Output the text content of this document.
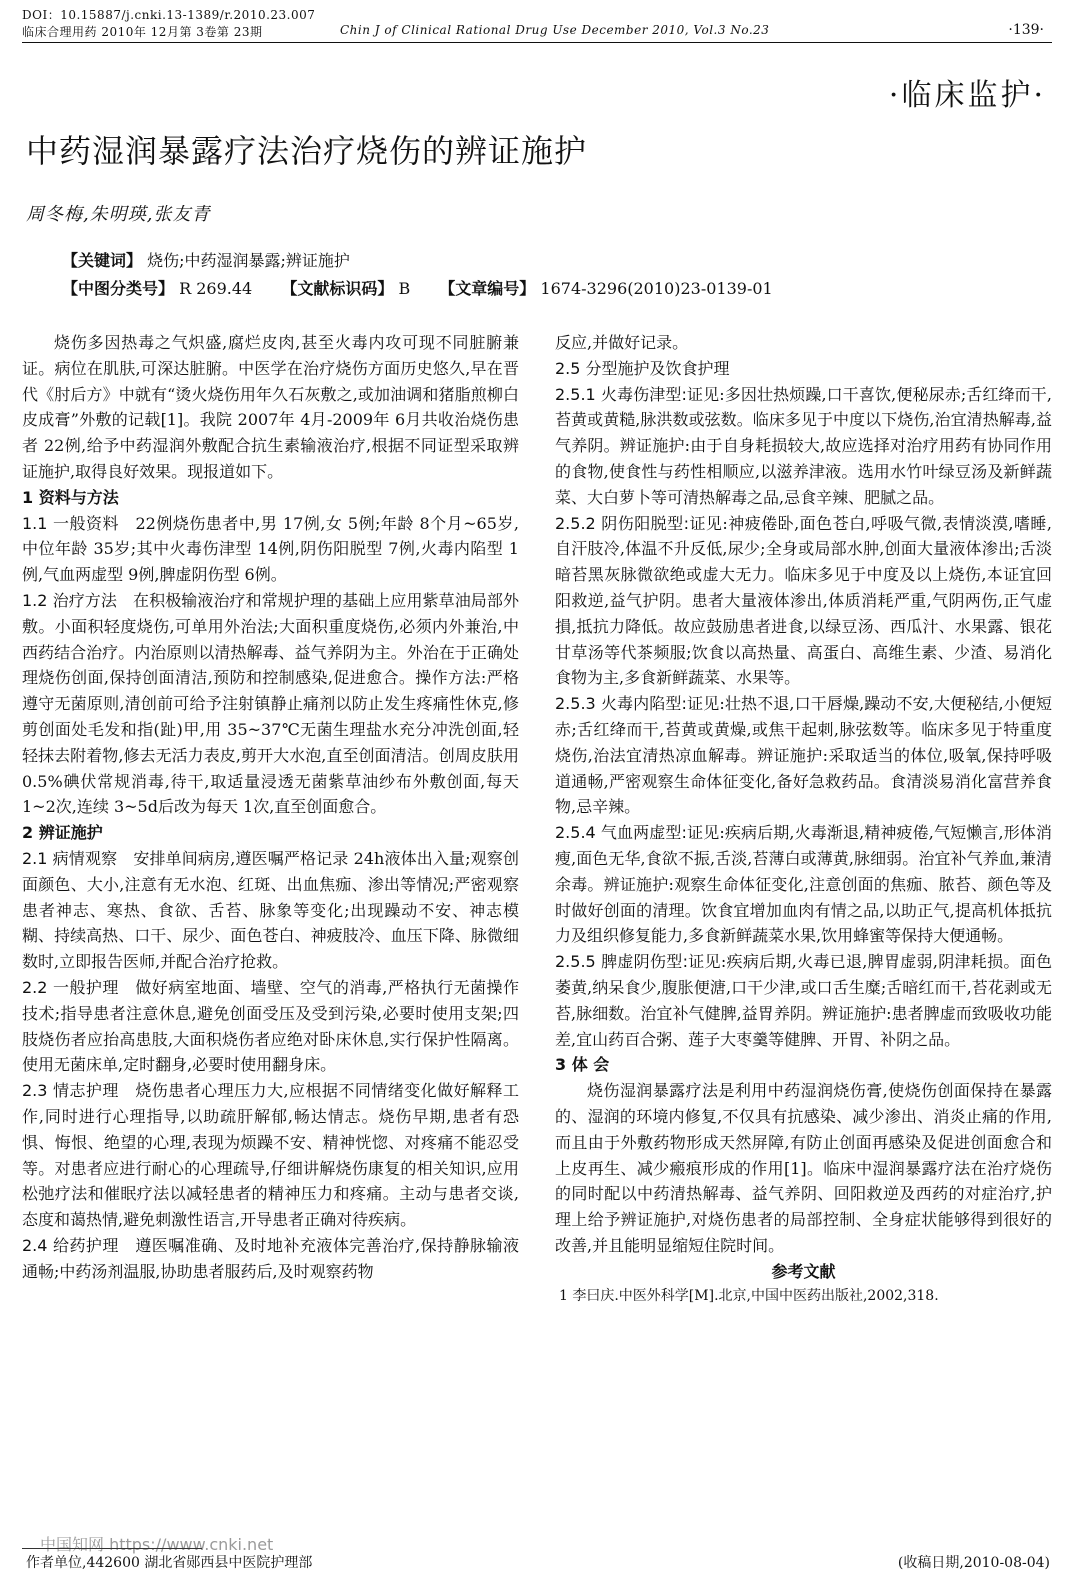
DOI：10.15887/j.cnki.13-1389/r.2010.23.007
临床合理用药 2010年 12月第 3卷第 23期	Chin J of Clinical Rational Drug Use December 2010, Vol.3 No.23	·139·
·临床监护·
中药湿润暴露疗法治疗烧伤的辨证施护
周冬梅,朱明瑛,张友青
【关键词】 烧伤;中药湿润暴露;辨证施护
【中图分类号】 R 269.44 【文献标识码】 B 【文章编号】 1674-3296(2010)23-0139-01

烧伤多因热毒之气炽盛,腐烂皮肉,甚至火毒内攻可现不同脏腑兼证。病位在肌肤,可深达脏腑。中医学在治疗烧伤方面历史悠久,早在晋代《肘后方》中就有“烫火烧伤用年久石灰敷之,或加油调和猪脂煎柳白皮成膏”外敷的记载[1]。我院 2007年 4月-2009年 6月共收治烧伤患者 22例,给予中药湿润外敷配合抗生素输液治疗,根据不同证型采取辨证施护,取得良好效果。现报道如下。

1 资料与方法

1.1 一般资料　 22例烧伤患者中,男 17例,女 5例;年龄 8个月~65岁,中位年龄 35岁;其中火毒伤津型 14例,阴伤阳脱型 7例,火毒内陷型 1例,气血两虚型 9例,脾虚阴伤型 6例。

1.2 治疗方法　 在积极输液治疗和常规护理的基础上应用紫草油局部外敷。小面积轻度烧伤,可单用外治法;大面积重度烧伤,必须内外兼治,中西药结合治疗。内治原则以清热解毒、益气养阴为主。外治在于正确处理烧伤创面,保持创面清洁,预防和控制感染,促进愈合。操作方法:严格遵守无菌原则,清创前可给予注射镇静止痛剂以防止发生疼痛性休克,修剪创面处毛发和指(趾)甲,用 35~37℃无菌生理盐水充分冲洗创面,轻轻抹去附着物,修去无活力表皮,剪开大水泡,直至创面清洁。创周皮肤用 0.5%碘伏常规消毒,待干,取适量浸透无菌紫草油纱布外敷创面,每天 1~2次,连续 3~5d后改为每天 1次,直至创面愈合。

2 辨证施护

2.1 病情观察　 安排单间病房,遵医嘱严格记录 24h液体出入量;观察创面颜色、大小,注意有无水泡、红斑、出血焦痂、渗出等情况;严密观察患者神志、寒热、食欲、舌苔、脉象等变化;出现躁动不安、神志模糊、持续高热、口干、尿少、面色苍白、神疲肢冷、血压下降、脉微细数时,立即报告医师,并配合治疗抢救。

2.2 一般护理　 做好病室地面、墙壁、空气的消毒,严格执行无菌操作技术;指导患者注意休息,避免创面受压及受到污染,必要时使用支架;四肢烧伤者应抬高患肢,大面积烧伤者应绝对卧床休息,实行保护性隔离。使用无菌床单,定时翻身,必要时使用翻身床。

2.3 情志护理　 烧伤患者心理压力大,应根据不同情绪变化做好解释工作,同时进行心理指导,以助疏肝解郁,畅达情志。烧伤早期,患者有恐惧、悔恨、绝望的心理,表现为烦躁不安、精神恍惚、对疼痛不能忍受等。对患者应进行耐心的心理疏导,仔细讲解烧伤康复的相关知识,应用松弛疗法和催眠疗法以减轻患者的精神压力和疼痛。主动与患者交谈,态度和蔼热情,避免刺激性语言,开导患者正确对待疾病。

2.4 给药护理　 遵医嘱准确、及时地补充液体完善治疗,保持静脉输液通畅;中药汤剂温服,协助患者服药后,及时观察药物

反应,并做好记录。

2.5 分型施护及饮食护理

2.5.1 火毒伤津型:证见:多因壮热烦躁,口干喜饮,便秘尿赤;舌红绛而干,苔黄或黄糙,脉洪数或弦数。临床多见于中度以下烧伤,治宜清热解毒,益气养阴。辨证施护:由于自身耗损较大,故应选择对治疗用药有协同作用的食物,使食性与药性相顺应,以滋养津液。选用水竹叶绿豆汤及新鲜蔬菜、大白萝卜等可清热解毒之品,忌食辛辣、肥腻之品。

2.5.2 阴伤阳脱型:证见:神疲倦卧,面色苍白,呼吸气微,表情淡漠,嗜睡,自汗肢冷,体温不升反低,尿少;全身或局部水肿,创面大量液体渗出;舌淡暗苔黑灰脉微欲绝或虚大无力。临床多见于中度及以上烧伤,本证宜回阳救逆,益气护阴。患者大量液体渗出,体质消耗严重,气阴两伤,正气虚損,抵抗力降低。故应鼓励患者进食,以绿豆汤、西瓜汁、水果露、银花甘草汤等代茶频服;饮食以高热量、高蛋白、高维生素、少渣、易消化食物为主,多食新鲜蔬菜、水果等。

2.5.3 火毒内陷型:证见:壮热不退,口干唇燥,躁动不安,大便秘结,小便短赤;舌红绛而干,苔黄或黄燥,或焦干起刺,脉弦数等。临床多见于特重度烧伤,治法宜清热凉血解毒。辨证施护:采取适当的体位,吸氧,保持呼吸道通畅,严密观察生命体征变化,备好急救药品。食清淡易消化富营养食物,忌辛辣。

2.5.4 气血两虚型:证见:疾病后期,火毒渐退,精神疲倦,气短懒言,形体消瘦,面色无华,食欲不振,舌淡,苔薄白或薄黄,脉细弱。治宜补气养血,兼清余毒。辨证施护:观察生命体征变化,注意创面的焦痂、脓苔、颜色等及时做好创面的清理。饮食宜增加血肉有情之品,以助正气,提高机体抵抗力及组织修复能力,多食新鲜蔬菜水果,饮用蜂蜜等保持大便通畅。

2.5.5 脾虚阴伤型:证见:疾病后期,火毒已退,脾胃虚弱,阴津耗损。面色萎黄,纳呆食少,腹胀便溏,口干少津,或口舌生糜;舌暗红而干,苔花剥或无苔,脉细数。治宜补气健脾,益胃养阴。辨证施护:患者脾虚而致吸收功能差,宜山药百合粥、莲子大枣羹等健脾、开胃、补阴之品。

3 体 会

烧伤湿润暴露疗法是利用中药湿润烧伤膏,使烧伤创面保持在暴露的、湿润的环境内修复,不仅具有抗感染、减少渗出、消炎止痛的作用,而且由于外敷药物形成天然屏障,有防止创面再感染及促进创面愈合和上皮再生、减少瘢痕形成的作用[1]。临床中湿润暴露疗法在治疗烧伤的同时配以中药清热解毒、益气养阴、回阳救逆及西药的对症治疗,护理上给予辨证施护,对烧伤患者的局部控制、全身症状能够得到很好的改善,并且能明显缩短住院时间。

参考文献

1 李曰庆.中医外科学[M].北京,中国中医药出版社,2002,318.

(收稿日期,2010-08-04)
中国知网 https://www.cnki.net
作者单位,442600 湖北省郧西县中医院护理部
